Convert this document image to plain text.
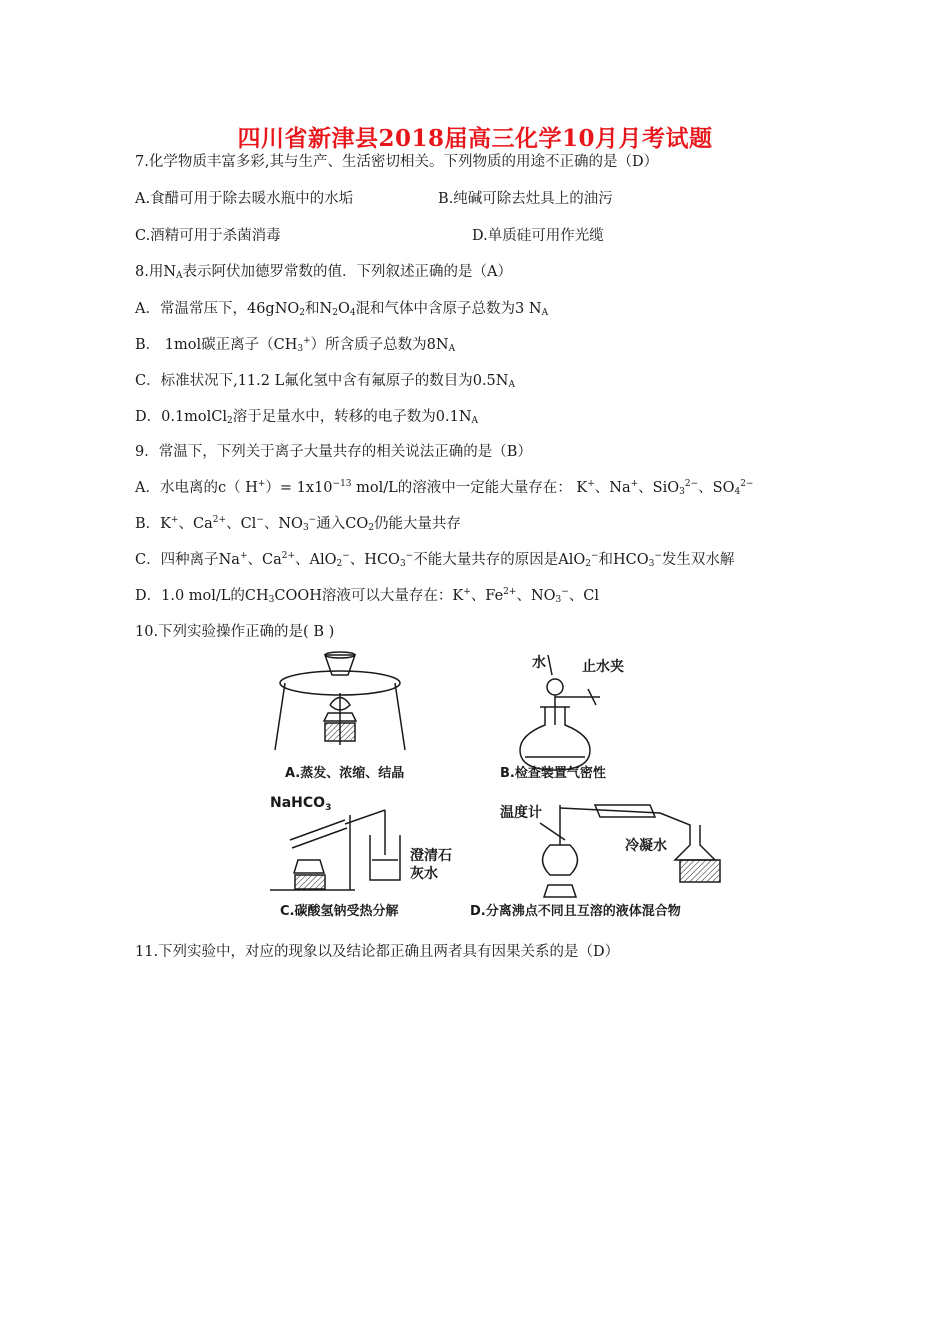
四川省新津县2018届高三化学10月月考试题
7.化学物质丰富多彩,其与生产、生活密切相关。下列物质的用途不正确的是（D）
A.食醋可用于除去暖水瓶中的水垢	B.纯碱可除去灶具上的油污
C.酒精可用于杀菌消毒	D.单质硅可用作光缆
8.用$N_A$表示阿伏加德罗常数的值．下列叙述正确的是（A）
A．常温常压下，46gNO$_2$和$N_2O_4$混和气体中含原子总数为3 $N_A$
B． 1mol碳正离子$(CH_3^+)$所含质子总数为$8N_A$
C．标准状况下,11.2 L氟化氢中含有氟原子的数目为$0.5N_A$
D．0.1molCl$_2$溶于足量水中，转移的电子数为$0.1N_A$
9．常温下，下列关于离子大量共存的相关说法正确的是（B）
A．水电离的c（ $H^+)= 1x10^{-13}$ mol/L的溶液中一定能大量存在： K+、Na+、SiO$_3^{2-}$、$SO_4^{2-}$
B．K+、$Ca^{2+}$、Cl−、$NO_3^-$通入$CO_2$仍能大量共存
C．四种离子Na+、$Ca^{2+}$、AlO$_2$−、$HCO_3^-$不能大量共存的原因是AlO$_2$−和$HCO_3^-$发生双水解
D．1.0 mol/L的$CH_3COOH$溶液可以大量存在：K+、$Fe^{2+}$、$NO_3^-$、Cl
10.下列实验操作正确的是( B )
A.蒸发、浓缩、结晶
水	止水夹
B.检查装置气密性
NaHCO$_3$
澄清石
灰水
C.碳酸氢钠受热分解
温度计
冷凝水
D.分离沸点不同且互溶的液体混合物
11.下列实验中，对应的现象以及结论都正确且两者具有因果关系的是（D）
